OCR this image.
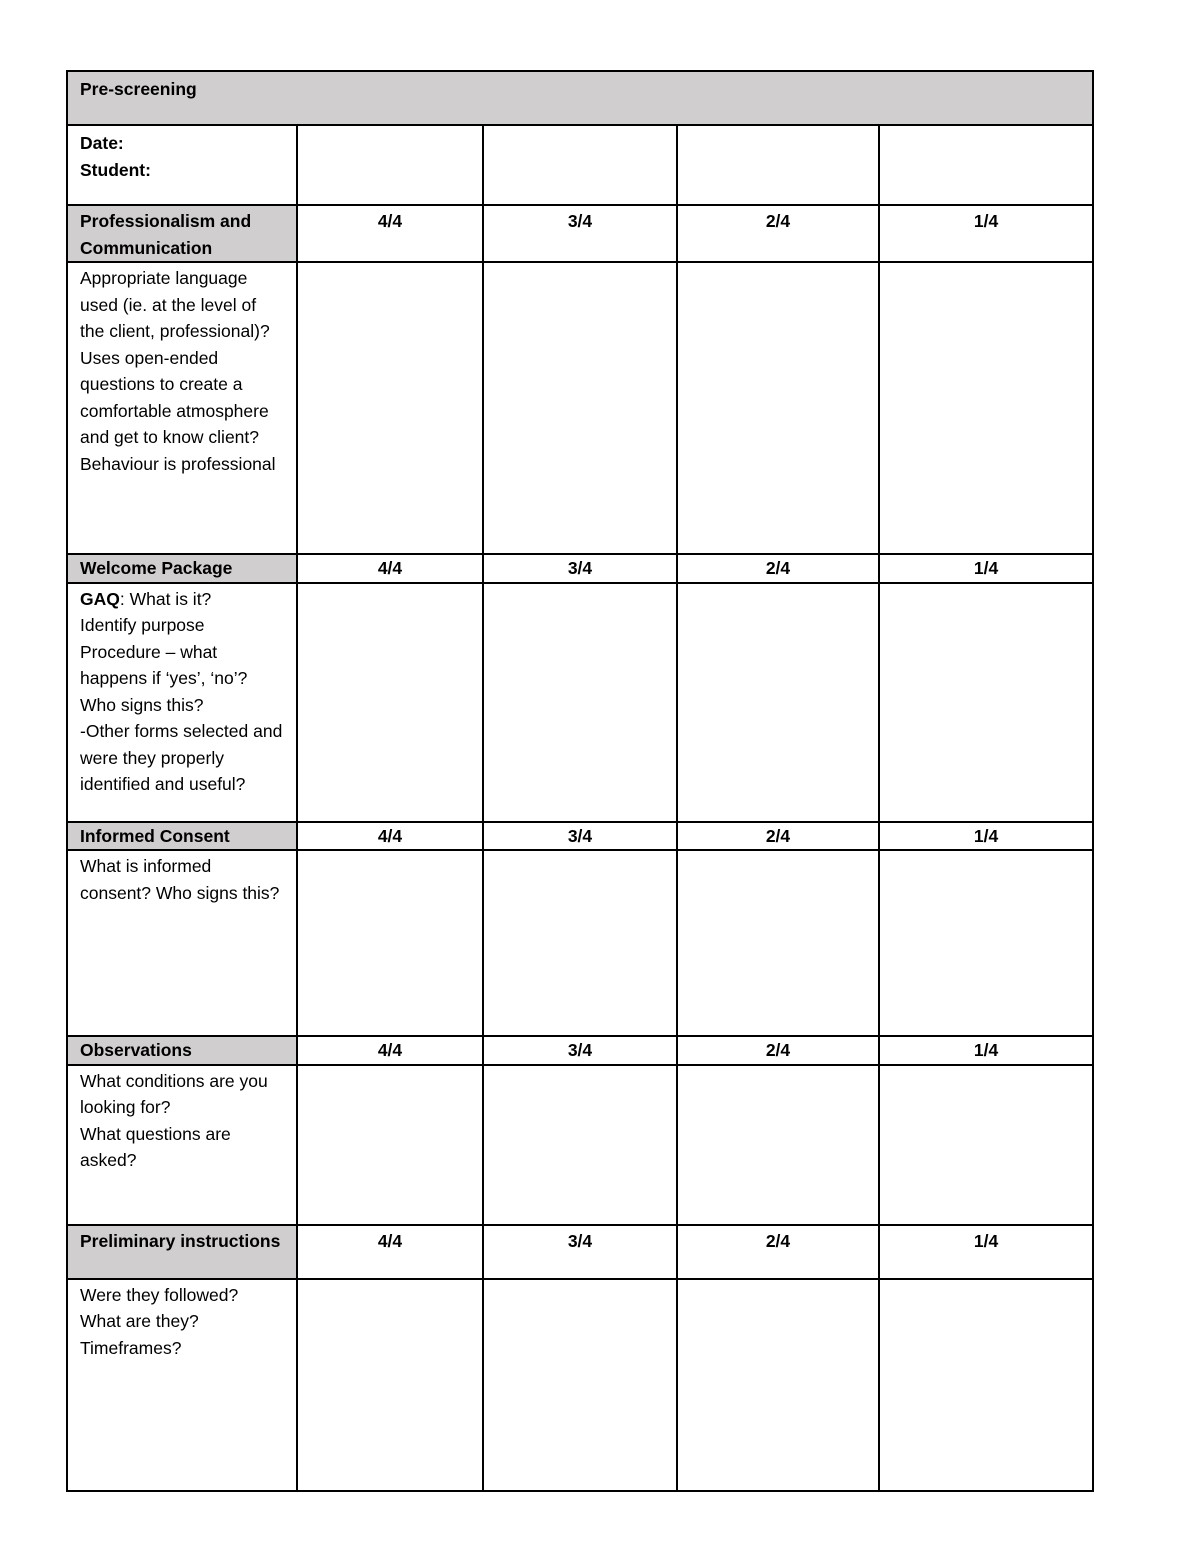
Pre-screening				

Date:
Student:				

Professionalism and Communication	4/4	3/4	2/4	1/4

Appropriate language used (ie. at the level of the client, professional)?
Uses open-ended questions to create a comfortable atmosphere and get to know client?
Behaviour is professional				

Welcome Package	4/4	3/4	2/4	1/4

GAQ: What is it?
Identify purpose
Procedure – what happens if ‘yes’, ‘no’?
Who signs this?
-Other forms selected and were they properly identified and useful?				

Informed Consent	4/4	3/4	2/4	1/4

What is informed consent? Who signs this?				

Observations	4/4	3/4	2/4	1/4

What conditions are you looking for?
What questions are asked?				

Preliminary instructions	4/4	3/4	2/4	1/4

Were they followed?
What are they?
Timeframes?				
